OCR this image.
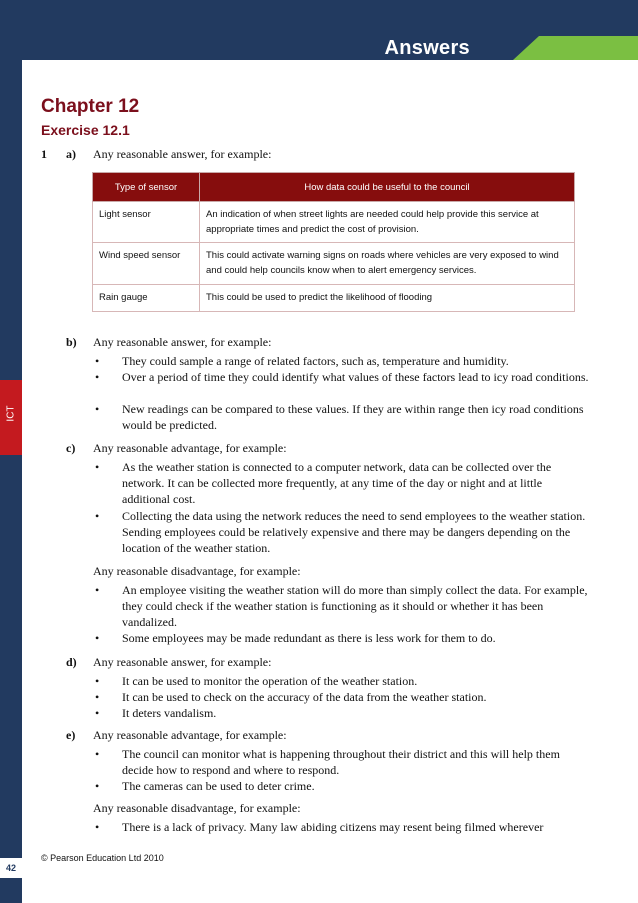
Answers
ICT
42
Chapter 12
Exercise 12.1
1 a) Any reasonable answer, for example:
Type of sensor	How data could be useful to the council
Light sensor	An indication of when street lights are needed could help provide this service at appropriate times and predict the cost of provision.
Wind speed sensor	This could activate warning signs on roads where vehicles are very exposed to wind and could help councils know when to alert emergency services.
Rain gauge	This could be used to predict the likelihood of flooding
b) Any reasonable answer, for example:
• They could sample a range of related factors, such as, temperature and humidity.
• Over a period of time they could identify what values of these factors lead to icy road conditions.
• New readings can be compared to these values. If they are within range then icy road conditions would be predicted.
c) Any reasonable advantage, for example:
• As the weather station is connected to a computer network, data can be collected over the network. It can be collected more frequently, at any time of the day or night and at little additional cost.
• Collecting the data using the network reduces the need to send employees to the weather station. Sending employees could be relatively expensive and there may be dangers depending on the location of the weather station.
Any reasonable disadvantage, for example:
• An employee visiting the weather station will do more than simply collect the data. For example, they could check if the weather station is functioning as it should or whether it has been vandalized.
• Some employees may be made redundant as there is less work for them to do.
d) Any reasonable answer, for example:
• It can be used to monitor the operation of the weather station.
• It can be used to check on the accuracy of the data from the weather station.
• It deters vandalism.
e) Any reasonable advantage, for example:
• The council can monitor what is happening throughout their district and this will help them decide how to respond and where to respond.
• The cameras can be used to deter crime.
Any reasonable disadvantage, for example:
• There is a lack of privacy. Many law abiding citizens may resent being filmed wherever
© Pearson Education Ltd 2010
